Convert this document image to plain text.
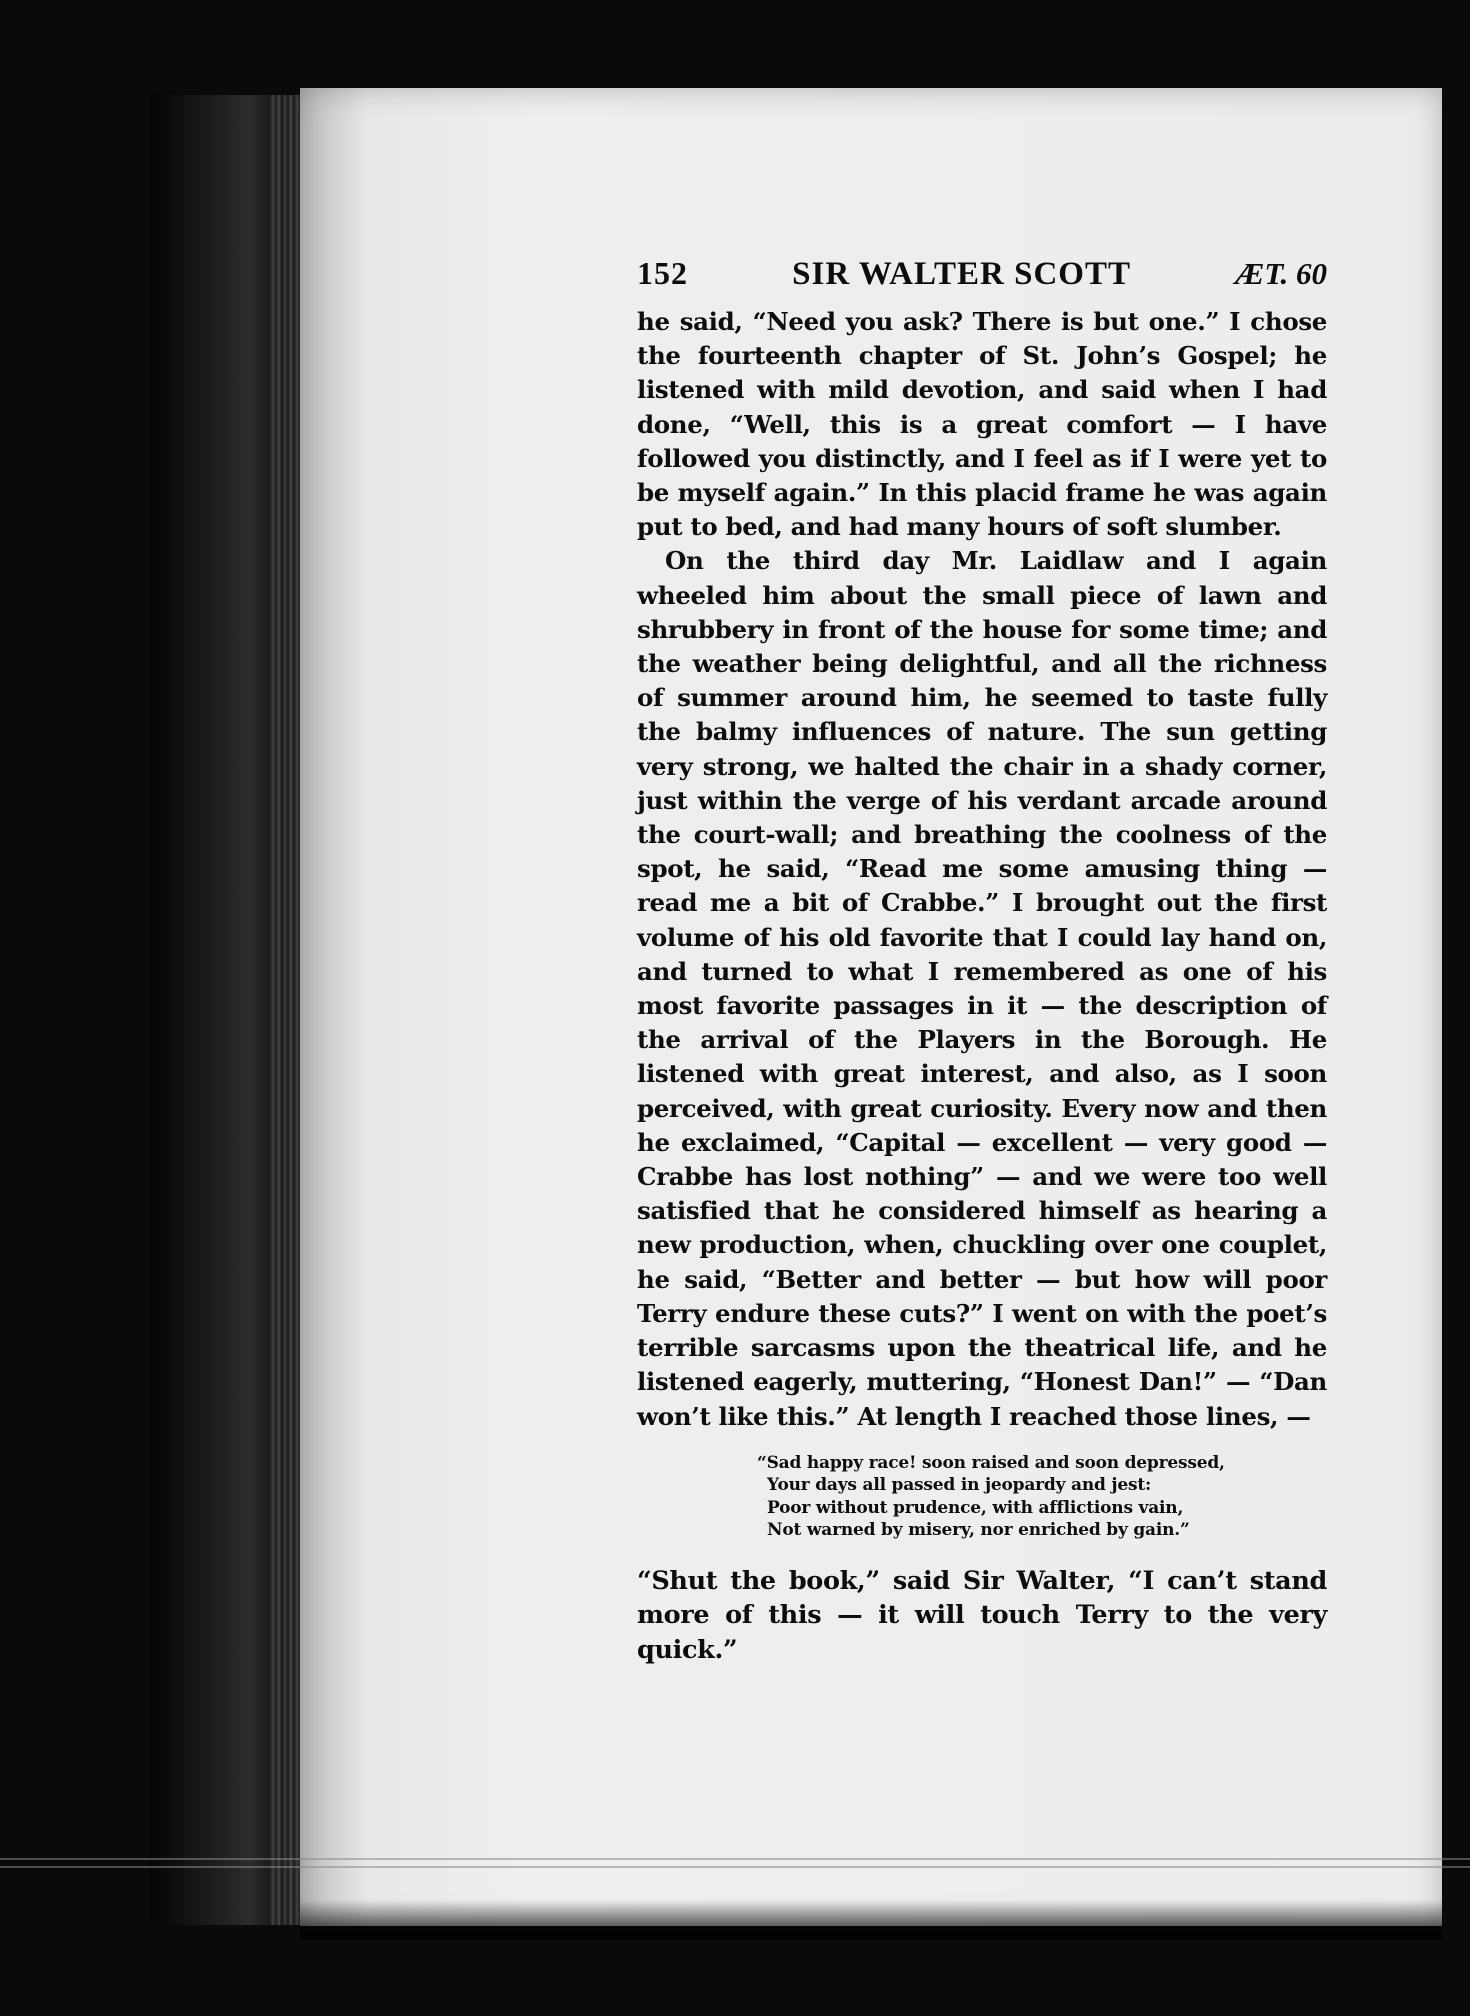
152	SIR WALTER SCOTT	ÆT. 60

he said, “Need you ask? There is but one.” I chose the fourteenth chapter of St. John’s Gospel; he listened with mild devotion, and said when I had done, “Well, this is a great comfort — I have followed you distinctly, and I feel as if I were yet to be myself again.” In this placid frame he was again put to bed, and had many hours of soft slumber.

On the third day Mr. Laidlaw and I again wheeled him about the small piece of lawn and shrubbery in front of the house for some time; and the weather being delightful, and all the richness of summer around him, he seemed to taste fully the balmy influences of nature. The sun getting very strong, we halted the chair in a shady corner, just within the verge of his verdant arcade around the court-wall; and breathing the coolness of the spot, he said, “Read me some amusing thing — read me a bit of Crabbe.” I brought out the first volume of his old favorite that I could lay hand on, and turned to what I remembered as one of his most favorite passages in it — the description of the arrival of the Players in the Borough. He listened with great interest, and also, as I soon perceived, with great curiosity. Every now and then he exclaimed, “Capital — excellent — very good — Crabbe has lost nothing” — and we were too well satisfied that he considered himself as hearing a new production, when, chuckling over one couplet, he said, “Better and better — but how will poor Terry endure these cuts?” I went on with the poet’s terrible sarcasms upon the theatrical life, and he listened eagerly, muttering, “Honest Dan!” — “Dan won’t like this.” At length I reached those lines, —

“Sad happy race! soon raised and soon depressed,
Your days all passed in jeopardy and jest:
Poor without prudence, with afflictions vain,
Not warned by misery, nor enriched by gain.”

“Shut the book,” said Sir Walter, “I can’t stand more of this — it will touch Terry to the very quick.”
